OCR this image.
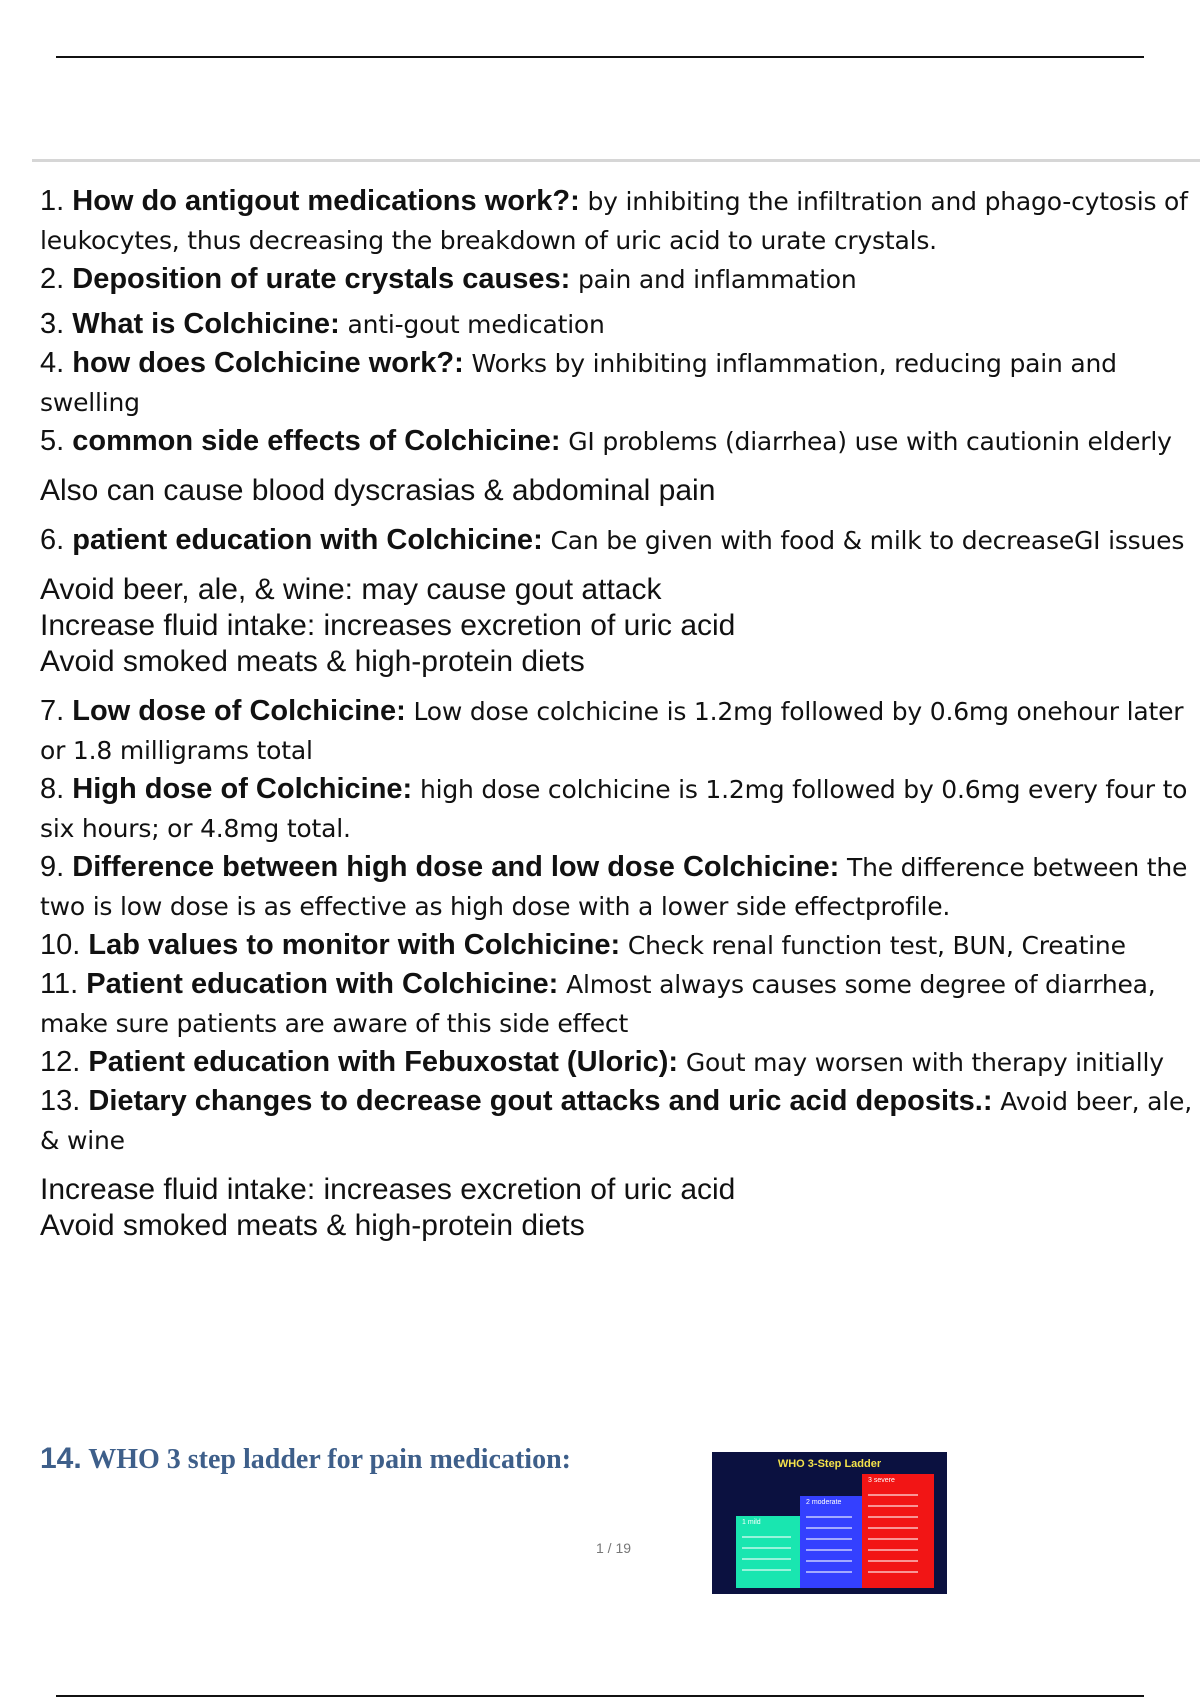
1. How do antigout medications work?: by inhibiting the infiltration and phago-cytosis of leukocytes, thus decreasing the breakdown of uric acid to urate crystals.
2. Deposition of urate crystals causes: pain and inflammation
3. What is Colchicine: anti-gout medication
4. how does Colchicine work?: Works by inhibiting inflammation, reducing pain and swelling
5. common side effects of Colchicine: GI problems (diarrhea) use with cautionin elderly
Also can cause blood dyscrasias & abdominal pain
6. patient education with Colchicine: Can be given with food & milk to decreaseGI issues
Avoid beer, ale, & wine: may cause gout attack
Increase fluid intake: increases excretion of uric acid
Avoid smoked meats & high-protein diets
7. Low dose of Colchicine: Low dose colchicine is 1.2mg followed by 0.6mg onehour later or 1.8 milligrams total
8. High dose of Colchicine: high dose colchicine is 1.2mg followed by 0.6mg every four to six hours; or 4.8mg total.
9. Difference between high dose and low dose Colchicine: The difference between the two is low dose is as effective as high dose with a lower side effectprofile.
10. Lab values to monitor with Colchicine: Check renal function test, BUN, Creatine
11. Patient education with Colchicine: Almost always causes some degree of diarrhea, make sure patients are aware of this side effect
12. Patient education with Febuxostat (Uloric): Gout may worsen with therapy initially
13. Dietary changes to decrease gout attacks and uric acid deposits.: Avoid beer, ale, & wine
Increase fluid intake: increases excretion of uric acid
Avoid smoked meats & high-protein diets
14. WHO 3 step ladder for pain medication:	WHO 3-Step Ladder
1 mild
2 moderate
3 severe
1 / 19
